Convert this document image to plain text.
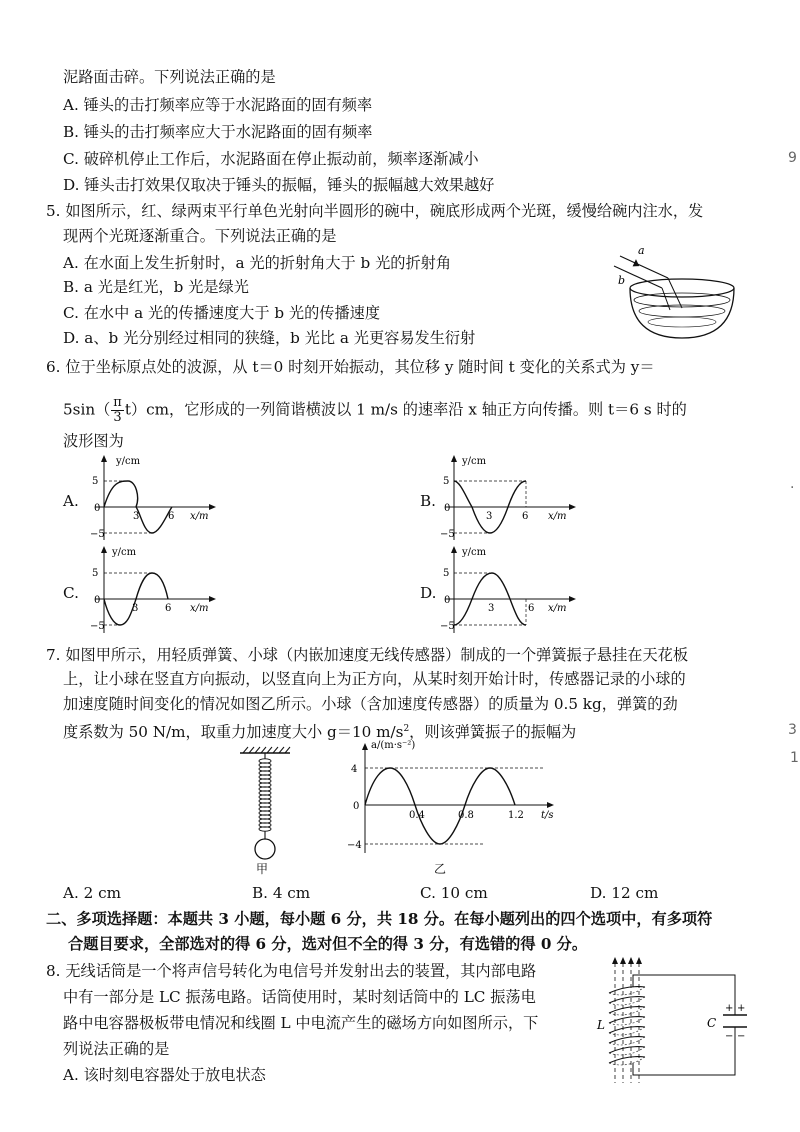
泥路面击碎。下列说法正确的是
A. 锤头的击打频率应等于水泥路面的固有频率
B. 锤头的击打频率应大于水泥路面的固有频率
C. 破碎机停止工作后，水泥路面在停止振动前，频率逐渐减小
D. 锤头击打效果仅取决于锤头的振幅，锤头的振幅越大效果越好
5. 如图所示，红、绿两束平行单色光射向半圆形的碗中，碗底形成两个光斑，缓慢给碗内注水，发
现两个光斑逐渐重合。下列说法正确的是
A. 在水面上发生折射时，a 光的折射角大于 b 光的折射角
B. a 光是红光，b 光是绿光
C. 在水中 a 光的传播速度大于 b 光的传播速度
D. a、b 光分别经过相同的狭缝，b 光比 a 光更容易发生衍射
6. 位于坐标原点处的波源，从 t＝0 时刻开始振动，其位移 y 随时间 t 变化的关系式为 y＝
$5\sin( \frac{\pi}{3} t)cm$，它形成的一列简谐横波以 1 m/s 的速率沿 x 轴正方向传播。则 t＝6 s 时的
波形图为
7. 如图甲所示，用轻质弹簧、小球（内嵌加速度无线传感器）制成的一个弹簧振子悬挂在天花板
上，让小球在竖直方向振动，以竖直向上为正方向，从某时刻开始计时，传感器记录的小球的
加速度随时间变化的情况如图乙所示。小球（含加速度传感器）的质量为 0.5 kg，弹簧的劲
度系数为 50 N/m，取重力加速度大小 g＝10 $m/s^2$，则该弹簧振子的振幅为
A. 2 cm	B. 4 cm	C. 10 cm	D. 12 cm
二、多项选择题：本题共 3 小题，每小题 6 分，共 18 分。在每小题列出的四个选项中，有多项符
合题目要求，全部选对的得 6 分，选对但不全的得 3 分，有选错的得 0 分。
8. 无线话筒是一个将声信号转化为电信号并发射出去的装置，其内部电路
中有一部分是 LC 振荡电路。话筒使用时，某时刻话筒中的 LC 振荡电
路中电容器极板带电情况和线圈 L 中电流产生的磁场方向如图所示，下
列说法正确的是
A. 该时刻电容器处于放电状态
9
·
3
1
a
b
A.
y/cm
x/m
5
−5
0
3	6
B.
y/cm
x/m
5
−5
0
3	6
C.
y/cm
x/m
5
−5
0
3	6
D.
y/cm
x/m
5
−5
0
3	6
甲
a/(m·s⁻²)
t/s
4
−4
0
0.4	0.8	1.2
乙
+ +
− −
C
L
